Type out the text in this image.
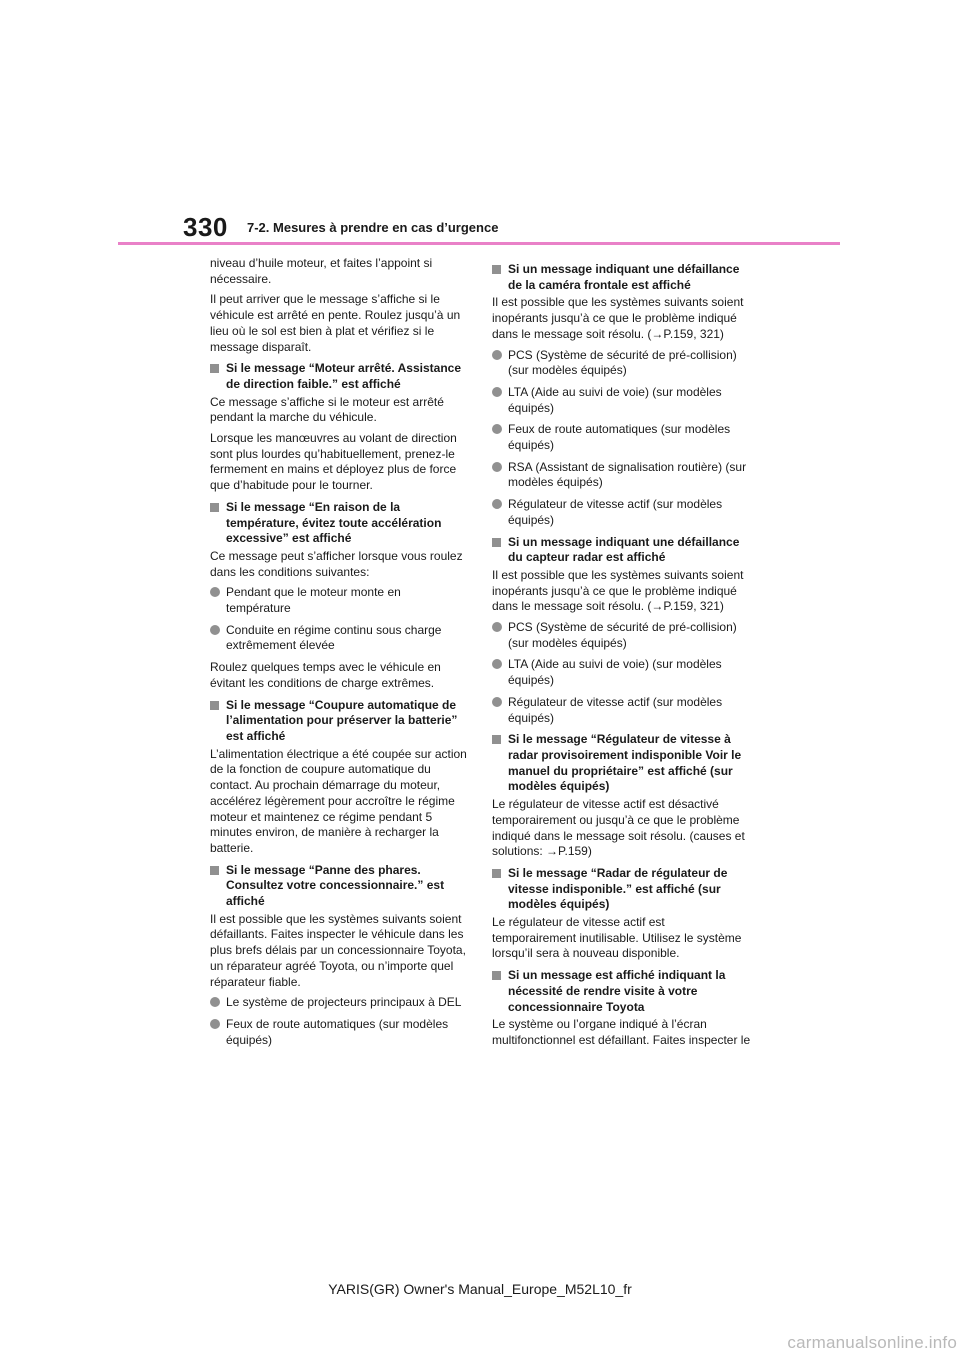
330 7-2. Mesures à prendre en cas d’urgence
niveau d’huile moteur, et faites l’appoint si nécessaire.
Il peut arriver que le message s’affiche si le véhicule est arrêté en pente. Roulez jusqu’à un lieu où le sol est bien à plat et vérifiez si le message disparaît.
Si le message “Moteur arrêté. Assistance de direction faible.” est affiché
Ce message s’affiche si le moteur est arrêté pendant la marche du véhicule.
Lorsque les manœuvres au volant de direction sont plus lourdes qu’habituellement, prenez-le fermement en mains et déployez plus de force que d’habitude pour le tourner.
Si le message “En raison de la température, évitez toute accélération excessive” est affiché
Ce message peut s’afficher lorsque vous roulez dans les conditions suivantes:
Pendant que le moteur monte en température
Conduite en régime continu sous charge extrêmement élevée
Roulez quelques temps avec le véhicule en évitant les conditions de charge extrêmes.
Si le message “Coupure automatique de l’alimentation pour préserver la batterie” est affiché
L’alimentation électrique a été coupée sur action de la fonction de coupure automatique du contact. Au prochain démarrage du moteur, accélérez légèrement pour accroître le régime moteur et maintenez ce régime pendant 5 minutes environ, de manière à recharger la batterie.
Si le message “Panne des phares. Consultez votre concessionnaire.” est affiché
Il est possible que les systèmes suivants soient défaillants. Faites inspecter le véhicule dans les plus brefs délais par un concessionnaire Toyota, un réparateur agréé Toyota, ou n’importe quel réparateur fiable.
Le système de projecteurs principaux à DEL
Feux de route automatiques (sur modèles équipés)
Si un message indiquant une défaillance de la caméra frontale est affiché
Il est possible que les systèmes suivants soient inopérants jusqu’à ce que le problème indiqué dans le message soit résolu. (→P.159, 321)
PCS (Système de sécurité de pré-collision) (sur modèles équipés)
LTA (Aide au suivi de voie) (sur modèles équipés)
Feux de route automatiques (sur modèles équipés)
RSA (Assistant de signalisation routière) (sur modèles équipés)
Régulateur de vitesse actif (sur modèles équipés)
Si un message indiquant une défaillance du capteur radar est affiché
Il est possible que les systèmes suivants soient inopérants jusqu’à ce que le problème indiqué dans le message soit résolu. (→P.159, 321)
PCS (Système de sécurité de pré-collision) (sur modèles équipés)
LTA (Aide au suivi de voie) (sur modèles équipés)
Régulateur de vitesse actif (sur modèles équipés)
Si le message “Régulateur de vitesse à radar provisoirement indisponible Voir le manuel du propriétaire” est affiché (sur modèles équipés)
Le régulateur de vitesse actif est désactivé temporairement ou jusqu’à ce que le problème indiqué dans le message soit résolu. (causes et solutions: →P.159)
Si le message “Radar de régulateur de vitesse indisponible.” est affiché (sur modèles équipés)
Le régulateur de vitesse actif est temporairement inutilisable. Utilisez le système lorsqu’il sera à nouveau disponible.
Si un message est affiché indiquant la nécessité de rendre visite à votre concessionnaire Toyota
Le système ou l’organe indiqué à l’écran multifonctionnel est défaillant. Faites inspecter le
YARIS(GR) Owner's Manual_Europe_M52L10_fr
carmanualsonline.info
